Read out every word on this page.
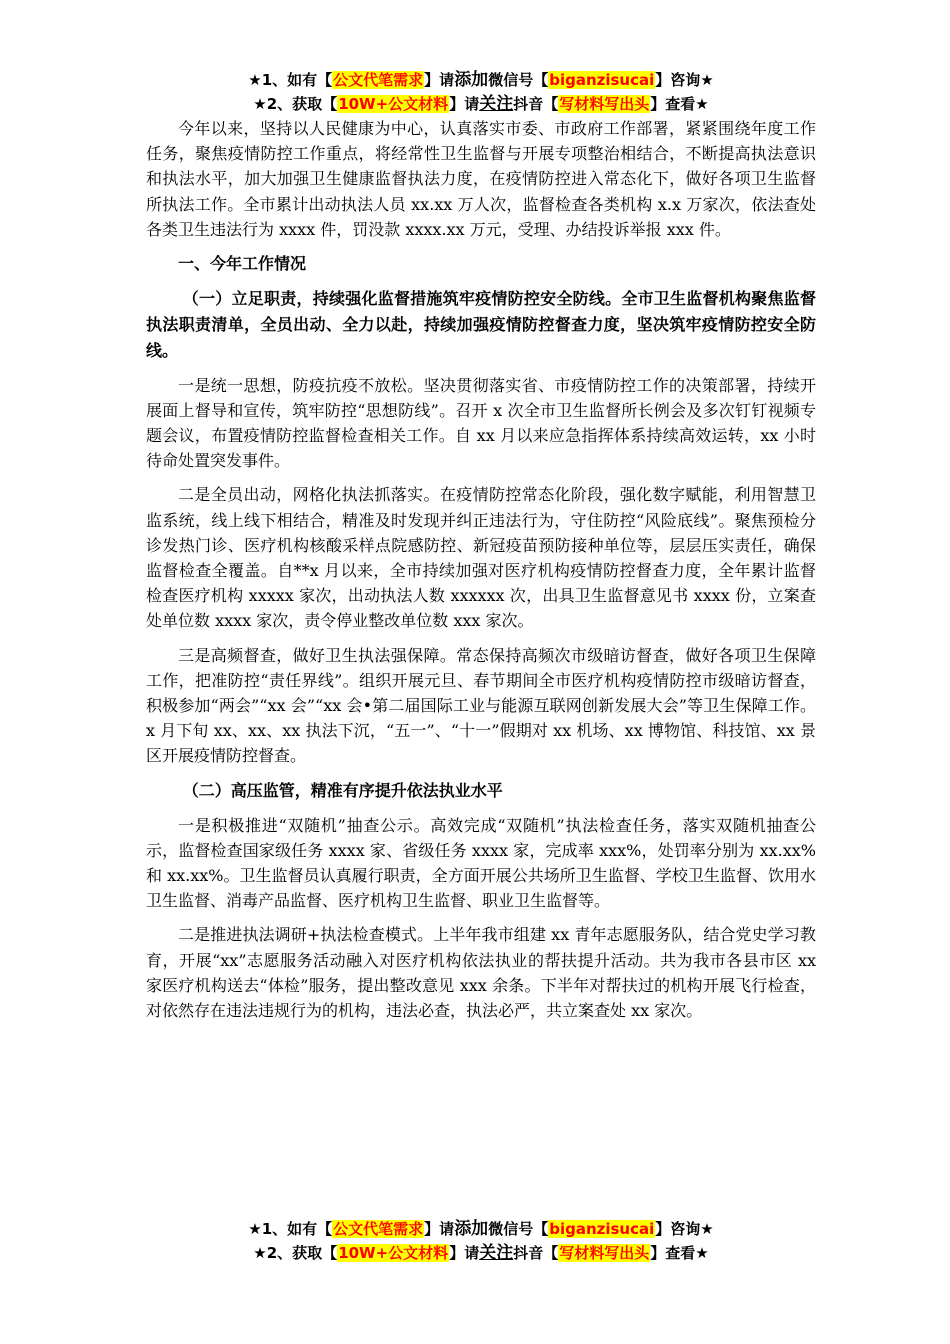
★1、如有【公文代笔需求】请添加微信号【biganzisucai】咨询★
★2、获取【10W+公文材料】请关注抖音【写材料写出头】查看★

今年以来，坚持以人民健康为中心，认真落实市委、市政府工作部署，紧紧围绕年度工作任务，聚焦疫情防控工作重点，将经常性卫生监督与开展专项整治相结合，不断提高执法意识和执法水平，加大加强卫生健康监督执法力度，在疫情防控进入常态化下，做好各项卫生监督所执法工作。全市累计出动执法人员 xx.xx 万人次，监督检查各类机构 x.x 万家次，依法查处各类卫生违法行为 xxxx 件，罚没款 xxxx.xx 万元，受理、办结投诉举报 xxx 件。

一、今年工作情况

（一）立足职责，持续强化监督措施筑牢疫情防控安全防线。全市卫生监督机构聚焦监督执法职责清单，全员出动、全力以赴，持续加强疫情防控督查力度，坚决筑牢疫情防控安全防线。

一是统一思想，防疫抗疫不放松。坚决贯彻落实省、市疫情防控工作的决策部署，持续开展面上督导和宣传，筑牢防控“思想防线”。召开 x 次全市卫生监督所长例会及多次钉钉视频专题会议，布置疫情防控监督检查相关工作。自 xx 月以来应急指挥体系持续高效运转，xx 小时待命处置突发事件。

二是全员出动，网格化执法抓落实。在疫情防控常态化阶段，强化数字赋能，利用智慧卫监系统，线上线下相结合，精准及时发现并纠正违法行为，守住防控“风险底线”。聚焦预检分诊发热门诊、医疗机构核酸采样点院感防控、新冠疫苗预防接种单位等，层层压实责任，确保监督检查全覆盖。自**x 月以来，全市持续加强对医疗机构疫情防控督查力度，全年累计监督检查医疗机构 xxxxx 家次，出动执法人数 xxxxxx 次，出具卫生监督意见书 xxxx 份，立案查处单位数 xxxx 家次，责令停业整改单位数 xxx 家次。

三是高频督查，做好卫生执法强保障。常态保持高频次市级暗访督查，做好各项卫生保障工作，把准防控“责任界线”。组织开展元旦、春节期间全市医疗机构疫情防控市级暗访督查，积极参加“两会”“xx 会”“xx 会•第二届国际工业与能源互联网创新发展大会”等卫生保障工作。x 月下旬 xx、xx、xx 执法下沉，“五一”、“十一”假期对 xx 机场、xx 博物馆、科技馆、xx 景区开展疫情防控督查。

（二）高压监管，精准有序提升依法执业水平

一是积极推进“双随机”抽查公示。高效完成“双随机”执法检查任务，落实双随机抽查公示，监督检查国家级任务 xxxx 家、省级任务 xxxx 家，完成率 xxx%，处罚率分别为 xx.xx%和 xx.xx%。卫生监督员认真履行职责，全方面开展公共场所卫生监督、学校卫生监督、饮用水卫生监督、消毒产品监督、医疗机构卫生监督、职业卫生监督等。

二是推进执法调研+执法检查模式。上半年我市组建 xx 青年志愿服务队，结合党史学习教育，开展“xx”志愿服务活动融入对医疗机构依法执业的帮扶提升活动。共为我市各县市区 xx 家医疗机构送去“体检”服务，提出整改意见 xxx 余条。下半年对帮扶过的机构开展飞行检查，对依然存在违法违规行为的机构，违法必查，执法必严，共立案查处 xx 家次。

★1、如有【公文代笔需求】请添加微信号【biganzisucai】咨询★
★2、获取【10W+公文材料】请关注抖音【写材料写出头】查看★
